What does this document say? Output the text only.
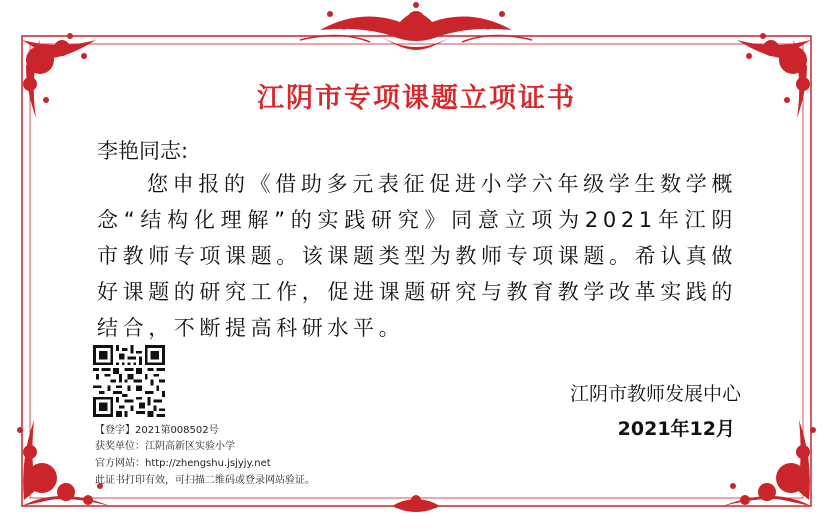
江阴市专项课题立项证书
李艳同志:
您申报的《借助多元表征促进小学六年级学生数学概念“结构化理解”的实践研究》同意立项为2021年江阴市教师专项课题。该课题类型为教师专项课题。希认真做好课题的研究工作，促进课题研究与教育教学改革实践的结合，不断提高科研水平。
【登字】2021第008502号
获奖单位：江阴高新区实验小学
官方网站：http://zhengshu.jsjyjy.net
此证书打印有效，可扫描二维码或登录网站验证。
江阴市教师发展中心
2021年12月
